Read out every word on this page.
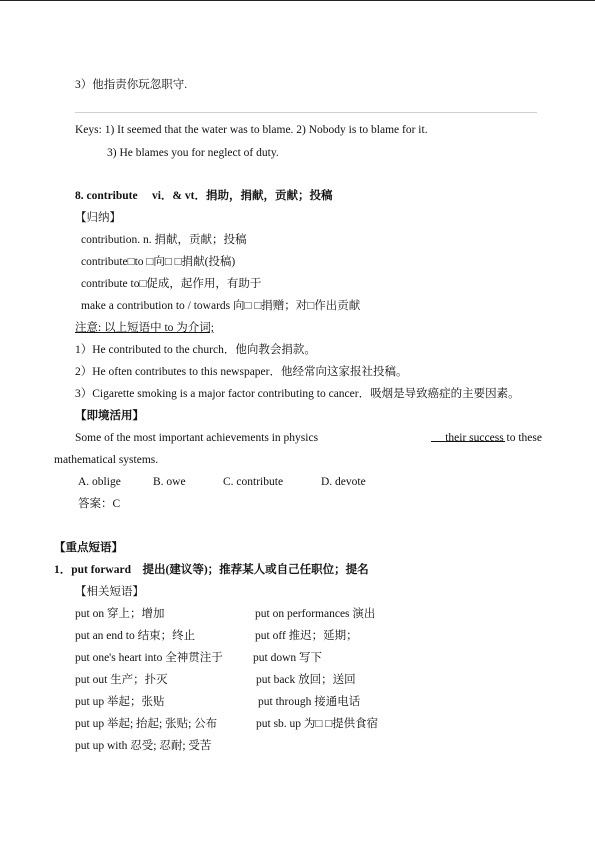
3）他指责你玩忽职守.
Keys: 1) It seemed that the water was to blame. 2) Nobody is to blame for it.
3) He blames you for neglect of duty.
8. contribute　 vi．& vt．捐助，捐献，贡献；投稿
【归纳】
contribution. n. 捐献，贡献；投稿
contribute□to □向□ □捐献(投稿)
contribute to□促成，起作用，有助于
make a contribution to / towards 向□ □捐赠；对□作出贡献
注意: 以上短语中 to 为介词;
1）He contributed to the church．他向教会捐款。
2）He often contributes to this newspaper．他经常向这家报社投稿。
3）Cigarette smoking is a major factor contributing to cancer．吸烟是导致癌症的主要因素。
【即境活用】
Some of the most important achievements in physics	their success to these
mathematical systems.
A. oblige	B. owe	C. contribute	D. devote
答案：C
【重点短语】
1．put forward　提出(建议等)；推荐某人或自己任职位；提名
【相关短语】
put on 穿上；增加	put on performances 演出
put an end to 结束；终止	put off 推迟；延期；
put one's heart into 全神贯注于	put down 写下
put out 生产；扑灭	put back 放回；送回
put up 举起；张贴	put through 接通电话
put up 举起; 抬起; 张贴; 公布	put sb. up 为□ □提供食宿
put up with 忍受; 忍耐; 受苦
